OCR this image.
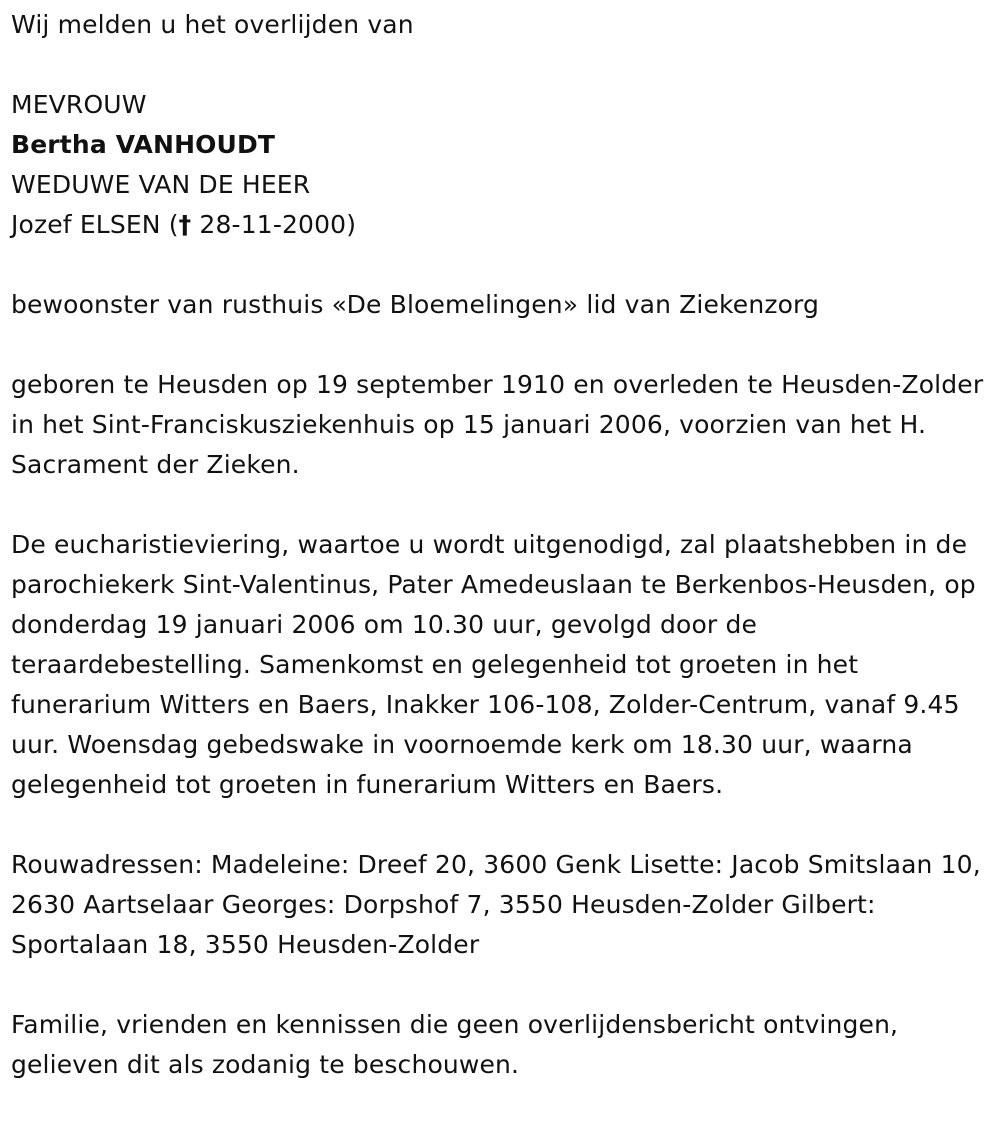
Wij melden u het overlijden van
MEVROUW
Bertha VANHOUDT
WEDUWE VAN DE HEER
Jozef ELSEN († 28-11-2000)

bewoonster van rusthuis «De Bloemelingen» lid van Ziekenzorg

geboren te Heusden op 19 september 1910 en overleden te Heusden-Zolder in het Sint-Franciskusziekenhuis op 15 januari 2006, voorzien van het H. Sacrament der Zieken.

De eucharistieviering, waartoe u wordt uitgenodigd, zal plaatshebben in de parochiekerk Sint-Valentinus, Pater Amedeuslaan te Berkenbos-Heusden, op donderdag 19 januari 2006 om 10.30 uur, gevolgd door de teraardebestelling. Samenkomst en gelegenheid tot groeten in het funerarium Witters en Baers, Inakker 106-108, Zolder-Centrum, vanaf 9.45 uur. Woensdag gebedswake in voornoemde kerk om 18.30 uur, waarna gelegenheid tot groeten in funerarium Witters en Baers.

Rouwadressen: Madeleine: Dreef 20, 3600 Genk Lisette: Jacob Smitslaan 10, 2630 Aartselaar Georges: Dorpshof 7, 3550 Heusden-Zolder Gilbert: Sportalaan 18, 3550 Heusden-Zolder

Familie, vrienden en kennissen die geen overlijdensbericht ontvingen, gelieven dit als zodanig te beschouwen.
